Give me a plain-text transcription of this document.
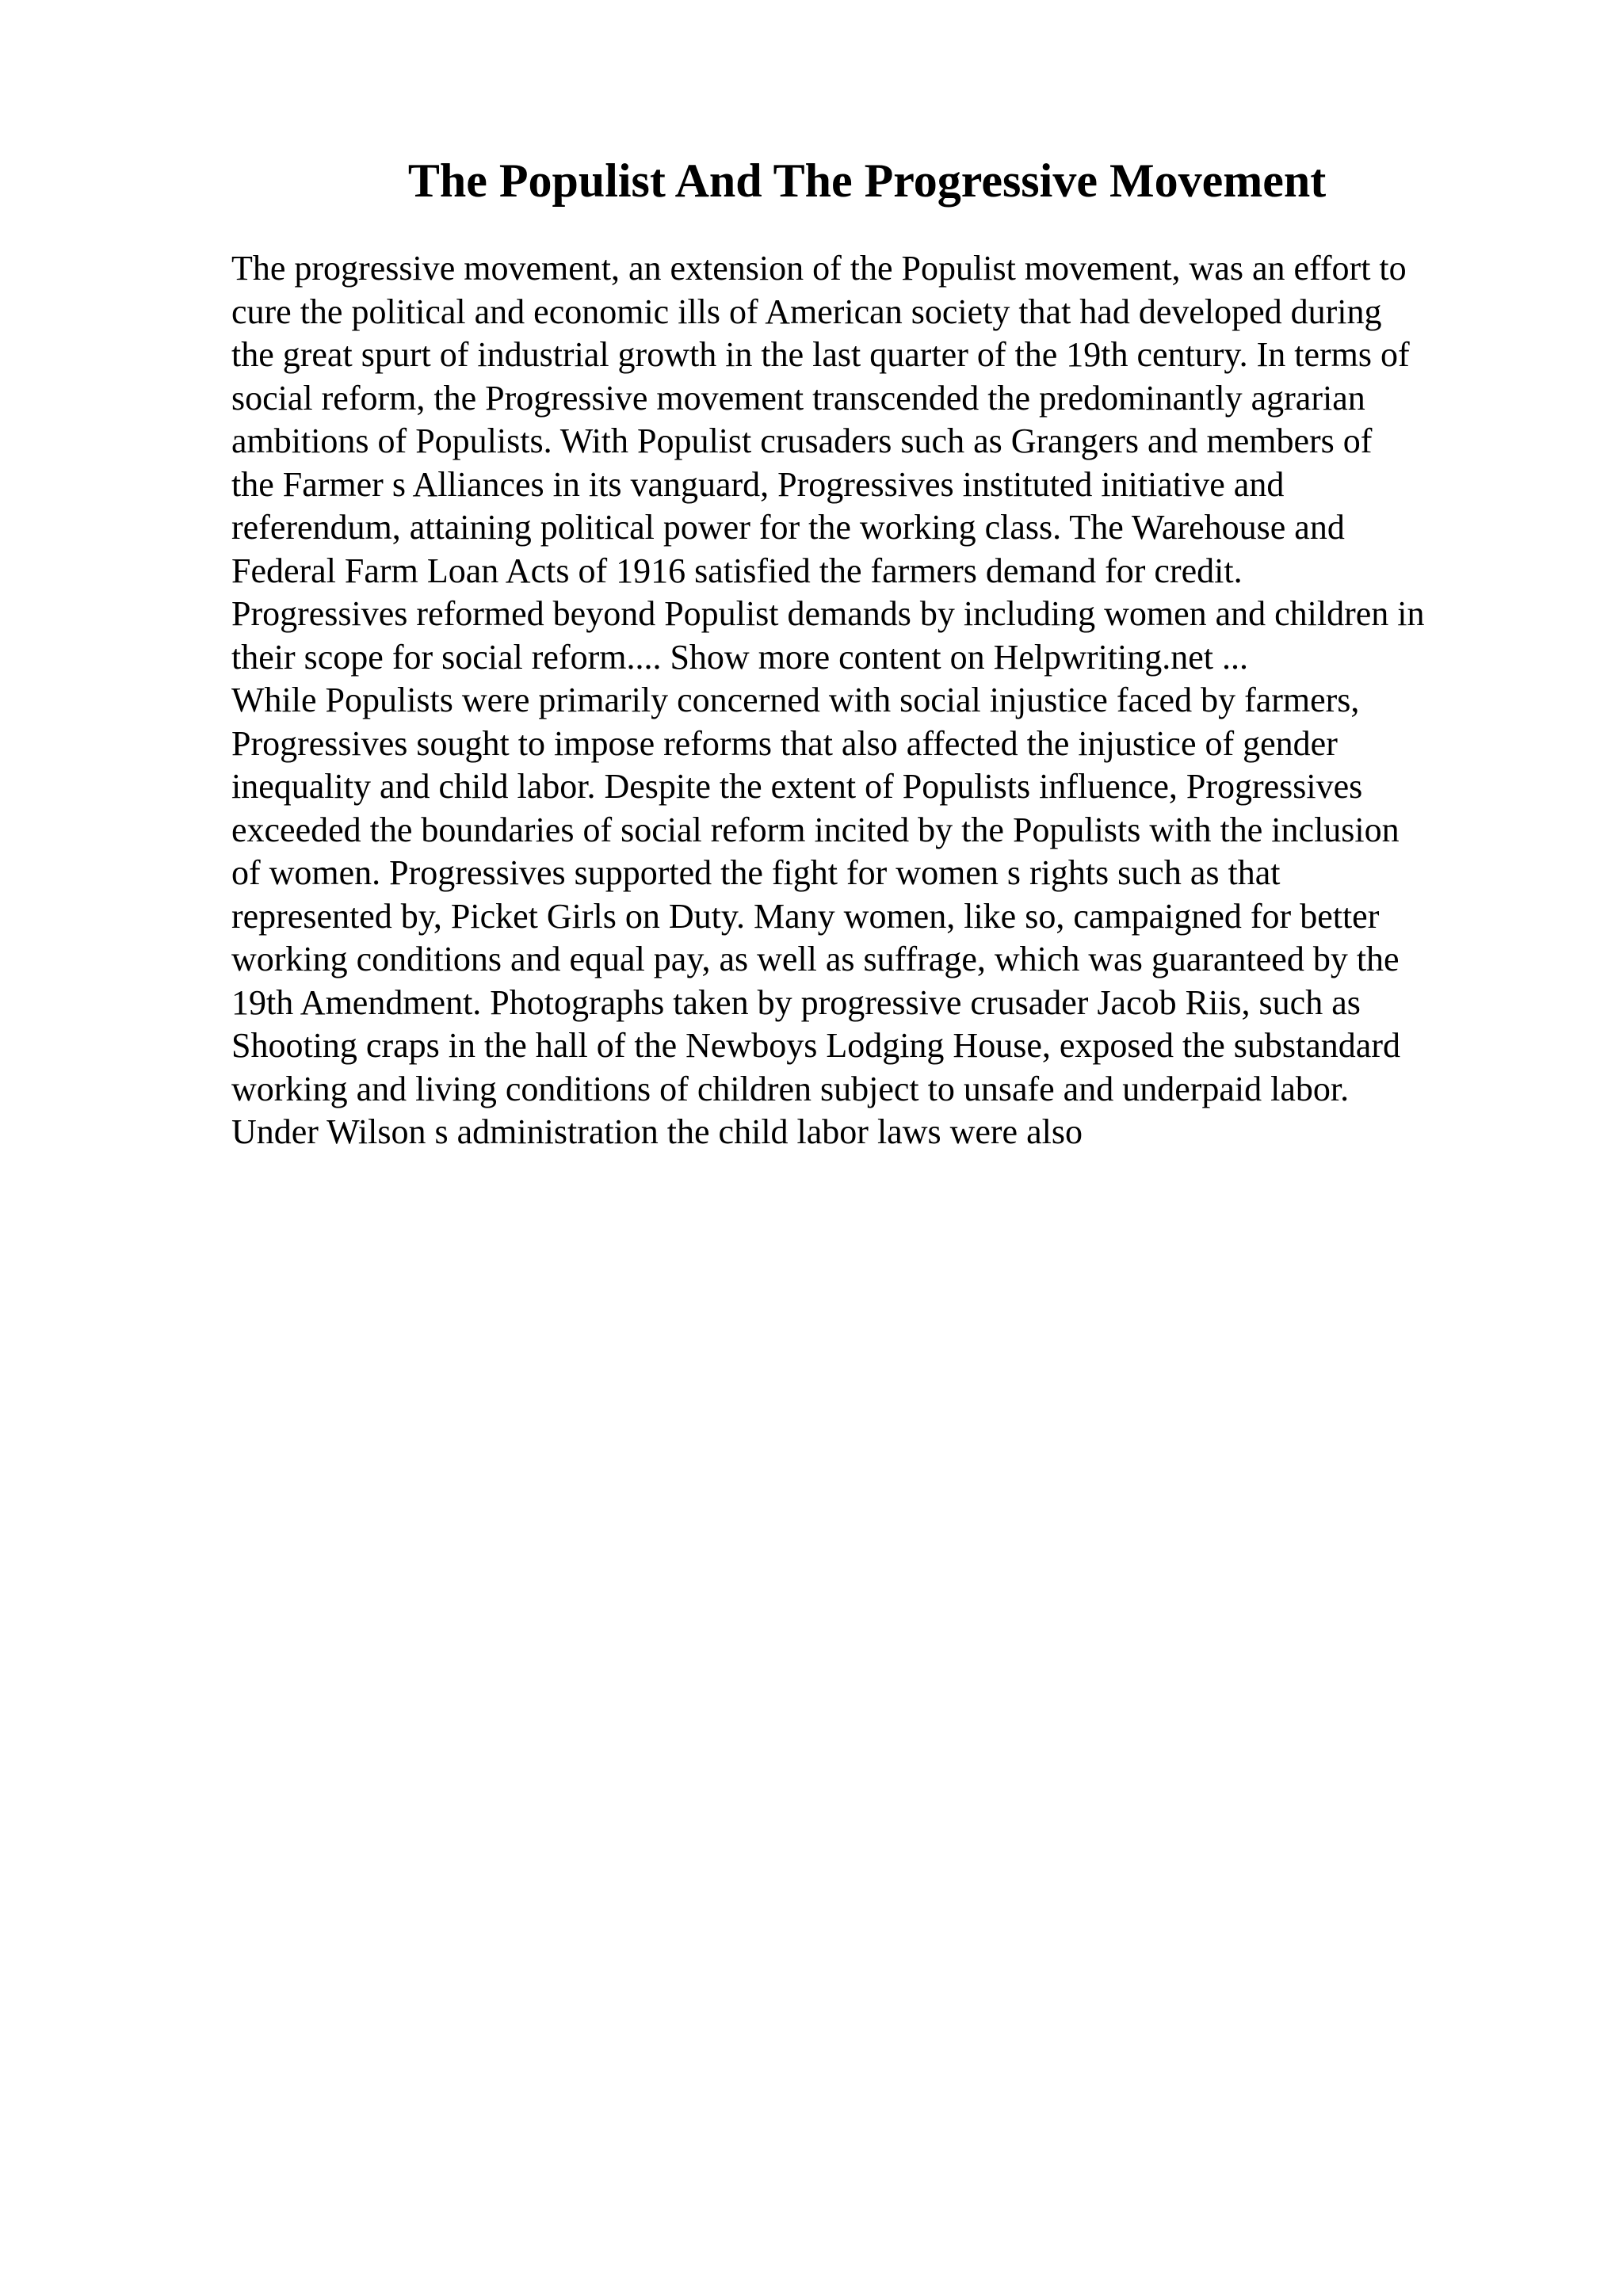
The Populist And The Progressive Movement
The progressive movement, an extension of the Populist movement, was an effort to
cure the political and economic ills of American society that had developed during
the great spurt of industrial growth in the last quarter of the 19th century. In terms of
social reform, the Progressive movement transcended the predominantly agrarian
ambitions of Populists. With Populist crusaders such as Grangers and members of
the Farmer s Alliances in its vanguard, Progressives instituted initiative and
referendum, attaining political power for the working class. The Warehouse and
Federal Farm Loan Acts of 1916 satisfied the farmers demand for credit.
Progressives reformed beyond Populist demands by including women and children in
their scope for social reform.... Show more content on Helpwriting.net ...
While Populists were primarily concerned with social injustice faced by farmers,
Progressives sought to impose reforms that also affected the injustice of gender
inequality and child labor. Despite the extent of Populists influence, Progressives
exceeded the boundaries of social reform incited by the Populists with the inclusion
of women. Progressives supported the fight for women s rights such as that
represented by, Picket Girls on Duty. Many women, like so, campaigned for better
working conditions and equal pay, as well as suffrage, which was guaranteed by the
19th Amendment. Photographs taken by progressive crusader Jacob Riis, such as
Shooting craps in the hall of the Newboys Lodging House, exposed the substandard
working and living conditions of children subject to unsafe and underpaid labor.
Under Wilson s administration the child labor laws were also
